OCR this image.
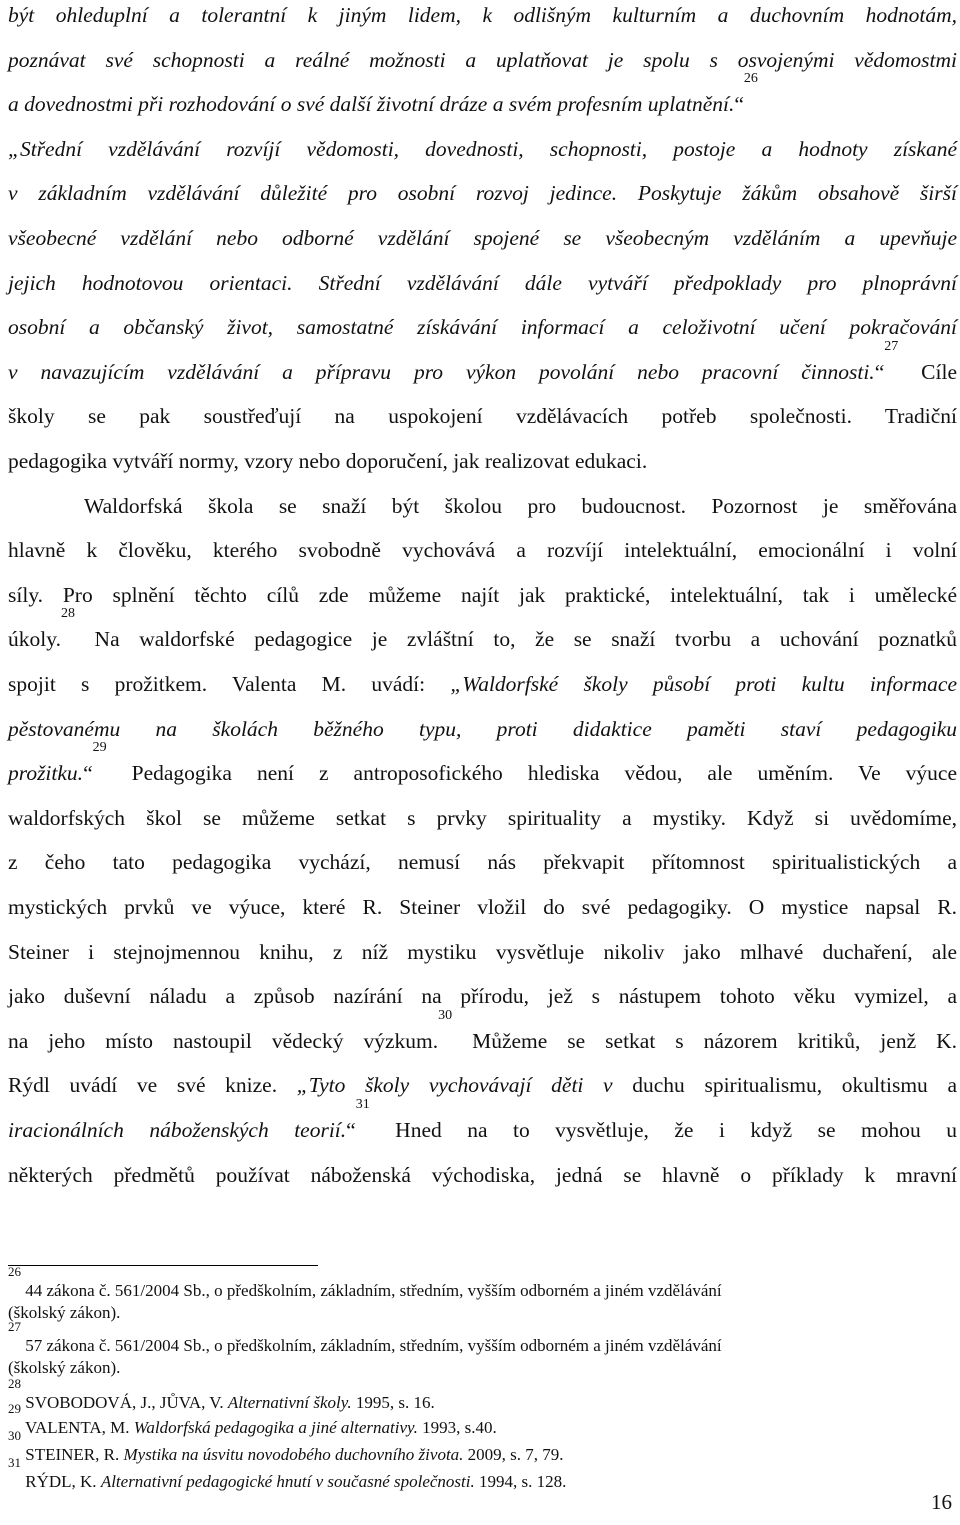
být ohleduplní a tolerantní k jiným lidem, k odlišným kulturním a duchovním hodnotám,
poznávat své schopnosti a reálné možnosti a uplatňovat je spolu s osvojenými vědomostmi
a dovednostmi při rozhodování o své další životní dráze a svém profesním uplatnění.“$^{26}$
„Střední vzdělávání rozvíjí vědomosti, dovednosti, schopnosti, postoje a hodnoty získané
v základním vzdělávání důležité pro osobní rozvoj jedince. Poskytuje žákům obsahově širší
všeobecné vzdělání nebo odborné vzdělání spojené se všeobecným vzděláním a upevňuje
jejich hodnotovou orientaci. Střední vzdělávání dále vytváří předpoklady pro plnoprávní
osobní a občanský život, samostatné získávání informací a celoživotní učení pokračování
v navazujícím vzdělávání a přípravu pro výkon povolání nebo pracovní činnosti.“$^{27}$ Cíle
školy se pak soustřeďují na uspokojení vzdělávacích potřeb společnosti. Tradiční
pedagogika vytváří normy, vzory nebo doporučení, jak realizovat edukaci.
Waldorfská škola se snaží být školou pro budoucnost. Pozornost je směřována
hlavně k člověku, kterého svobodně vychovává a rozvíjí intelektuální, emocionální i volní
síly. Pro splnění těchto cílů zde můžeme najít jak praktické, intelektuální, tak i umělecké
úkoly.$^{28}$ Na waldorfské pedagogice je zvláštní to, že se snaží tvorbu a uchování poznatků
spojit s prožitkem. Valenta M. uvádí: „Waldorfské školy působí proti kultu informace
pěstovanému na školách běžného typu, proti didaktice paměti staví pedagogiku
prožitku.“$^{29}$ Pedagogika není z antroposofického hlediska vědou, ale uměním. Ve výuce
waldorfských škol se můžeme setkat s prvky spirituality a mystiky. Když si uvědomíme,
z čeho tato pedagogika vychází, nemusí nás překvapit přítomnost spiritualistických a
mystických prvků ve výuce, které R. Steiner vložil do své pedagogiky. O mystice napsal R.
Steiner i stejnojmennou knihu, z níž mystiku vysvětluje nikoliv jako mlhavé duchaření, ale
jako duševní náladu a způsob nazírání na přírodu, jež s nástupem tohoto věku vymizel, a
na jeho místo nastoupil vědecký výzkum.$^{30}$ Můžeme se setkat s názorem kritiků, jenž K.
Rýdl uvádí ve své knize. „Tyto školy vychovávají děti v duchu spiritualismu, okultismu a
iracionálních náboženských teorií.“$^{31}$ Hned na to vysvětluje, že i když se mohou u
některých předmětů používat náboženská východiska, jedná se hlavně o příklady k mravní
$^{26}$ 44 zákona č. 561/2004 Sb., o předškolním, základním, středním, vyšším odborném a jiném vzdělávání
(školský zákon).
$^{27}$ 57 zákona č. 561/2004 Sb., o předškolním, základním, středním, vyšším odborném a jiném vzdělávání
(školský zákon).
$^{28}$ SVOBODOVÁ, J., JŮVA, V. Alternativní školy. 1995, s. 16.
$^{29}$ VALENTA, M. Waldorfská pedagogika a jiné alternativy. 1993, s.40.
$^{30}$ STEINER, R. Mystika na úsvitu novodobého duchovního života. 2009, s. 7, 79.
$^{31}$ RÝDL, K. Alternativní pedagogické hnutí v současné společnosti. 1994, s. 128.
16
